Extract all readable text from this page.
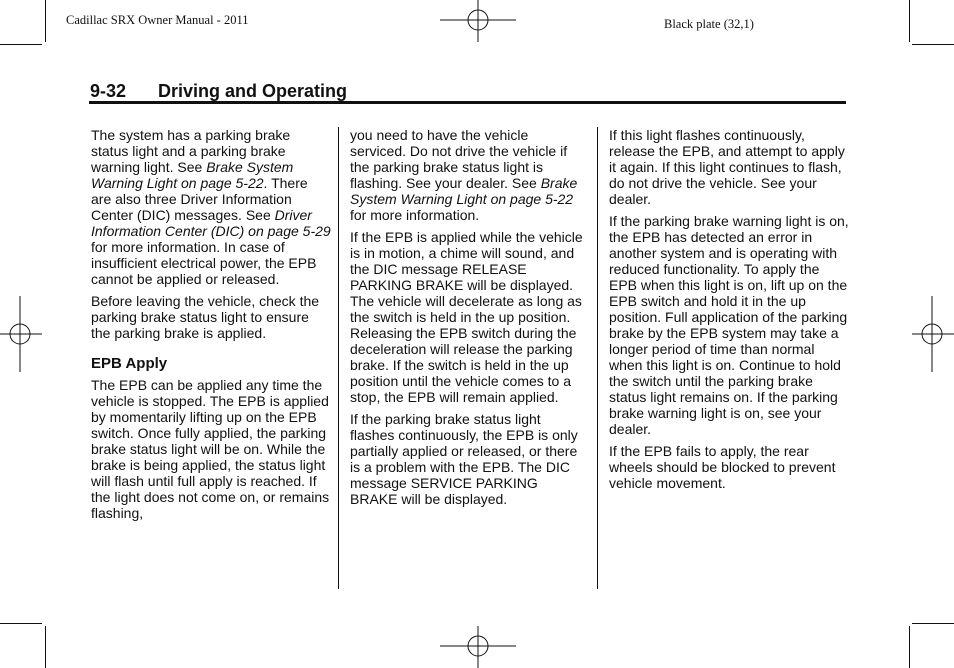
Cadillac SRX Owner Manual - 2011	Black plate (32,1)
9-32 Driving and Operating

The system has a parking brake status light and a parking brake warning light. See Brake System Warning Light on page 5-22. There are also three Driver Information Center (DIC) messages. See Driver Information Center (DIC) on page 5-29 for more information. In case of insufficient electrical power, the EPB cannot be applied or released.

Before leaving the vehicle, check the parking brake status light to ensure the parking brake is applied.

EPB Apply

The EPB can be applied any time the vehicle is stopped. The EPB is applied by momentarily lifting up on the EPB switch. Once fully applied, the parking brake status light will be on. While the brake is being applied, the status light will flash until full apply is reached. If the light does not come on, or remains flashing,

you need to have the vehicle serviced. Do not drive the vehicle if the parking brake status light is flashing. See your dealer. See Brake System Warning Light on page 5-22 for more information.

If the EPB is applied while the vehicle is in motion, a chime will sound, and the DIC message RELEASE PARKING BRAKE will be displayed. The vehicle will decelerate as long as the switch is held in the up position. Releasing the EPB switch during the deceleration will release the parking brake. If the switch is held in the up position until the vehicle comes to a stop, the EPB will remain applied.

If the parking brake status light flashes continuously, the EPB is only partially applied or released, or there is a problem with the EPB. The DIC message SERVICE PARKING BRAKE will be displayed.

If this light flashes continuously, release the EPB, and attempt to apply it again. If this light continues to flash, do not drive the vehicle. See your dealer.

If the parking brake warning light is on, the EPB has detected an error in another system and is operating with reduced functionality. To apply the EPB when this light is on, lift up on the EPB switch and hold it in the up position. Full application of the parking brake by the EPB system may take a longer period of time than normal when this light is on. Continue to hold the switch until the parking brake status light remains on. If the parking brake warning light is on, see your dealer.

If the EPB fails to apply, the rear wheels should be blocked to prevent vehicle movement.
